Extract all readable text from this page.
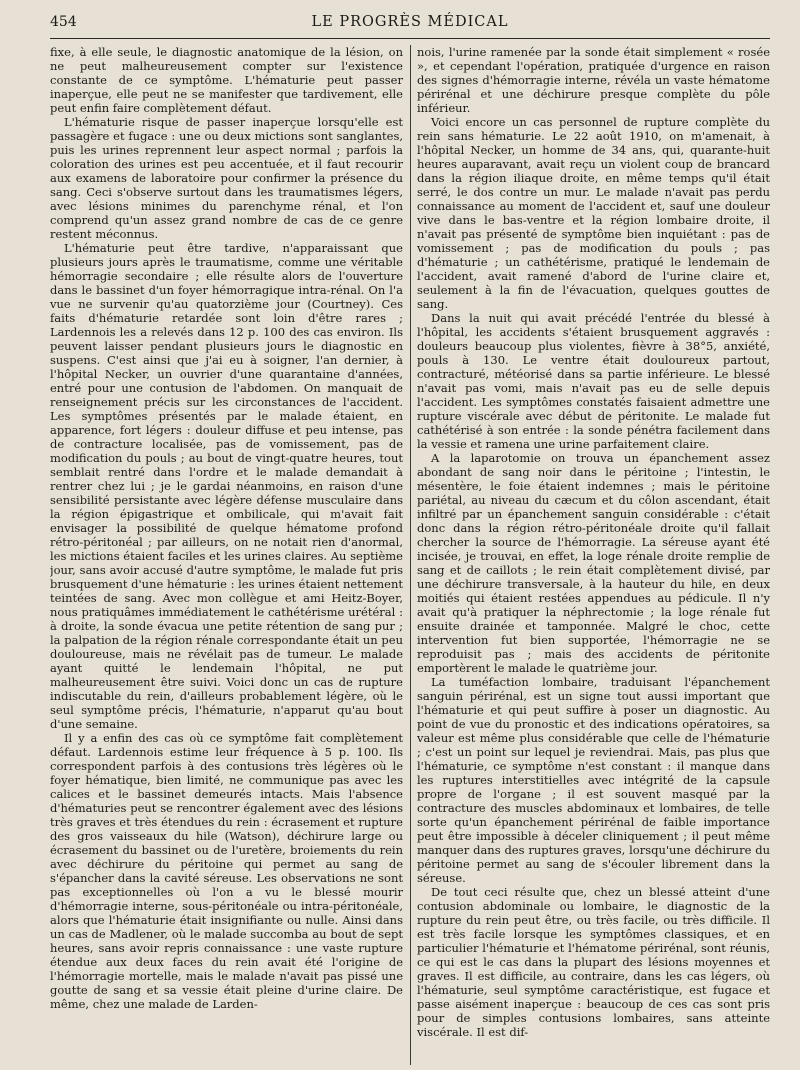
454	LE PROGRÈS MÉDICAL

fixe, à elle seule, le diagnostic anatomique de la lésion, on ne peut malheureusement compter sur l'existence constante de ce symptôme. L'hématurie peut passer inaperçue, elle peut ne se manifester que tardivement, elle peut enfin faire complètement défaut.

L'hématurie risque de passer inaperçue lorsqu'elle est passagère et fugace : une ou deux mictions sont sanglantes, puis les urines reprennent leur aspect normal ; parfois la coloration des urines est peu accentuée, et il faut recourir aux examens de laboratoire pour confirmer la présence du sang. Ceci s'observe surtout dans les traumatismes légers, avec lésions minimes du parenchyme rénal, et l'on comprend qu'un assez grand nombre de cas de ce genre restent méconnus.

L'hématurie peut être tardive, n'apparaissant que plusieurs jours après le traumatisme, comme une véritable hémorragie secondaire ; elle résulte alors de l'ouverture dans le bassinet d'un foyer hémorragique intra-rénal. On l'a vue ne survenir qu'au quatorzième jour (Courtney). Ces faits d'hématurie retardée sont loin d'être rares ; Lardennois les a relevés dans 12 p. 100 des cas environ. Ils peuvent laisser pendant plusieurs jours le diagnostic en suspens. C'est ainsi que j'ai eu à soigner, l'an dernier, à l'hôpital Necker, un ouvrier d'une quarantaine d'années, entré pour une contusion de l'abdomen. On manquait de renseignement précis sur les circonstances de l'accident. Les symptômes présentés par le malade étaient, en apparence, fort légers : douleur diffuse et peu intense, pas de contracture localisée, pas de vomissement, pas de modification du pouls ; au bout de vingt-quatre heures, tout semblait rentré dans l'ordre et le malade demandait à rentrer chez lui ; je le gardai néanmoins, en raison d'une sensibilité persistante avec légère défense musculaire dans la région épigastrique et ombilicale, qui m'avait fait envisager la possibilité de quelque hématome profond rétro-péritonéal ; par ailleurs, on ne notait rien d'anormal, les mictions étaient faciles et les urines claires. Au septième jour, sans avoir accusé d'autre symptôme, le malade fut pris brusquement d'une hématurie : les urines étaient nettement teintées de sang. Avec mon collègue et ami Heitz-Boyer, nous pratiquâmes immédiatement le cathétérisme urétéral : à droite, la sonde évacua une petite rétention de sang pur ; la palpation de la région rénale correspondante était un peu douloureuse, mais ne révélait pas de tumeur. Le malade ayant quitté le lendemain l'hôpital, ne put malheureusement être suivi. Voici donc un cas de rupture indiscutable du rein, d'ailleurs probablement légère, où le seul symptôme précis, l'hématurie, n'apparut qu'au bout d'une semaine.

Il y a enfin des cas où ce symptôme fait complètement défaut. Lardennois estime leur fréquence à 5 p. 100. Ils correspondent parfois à des contusions très légères où le foyer hématique, bien limité, ne communique pas avec les calices et le bassinet demeurés intacts. Mais l'absence d'hématuries peut se rencontrer également avec des lésions très graves et très étendues du rein : écrasement et rupture des gros vaisseaux du hile (Watson), déchirure large ou écrasement du bassinet ou de l'uretère, broiements du rein avec déchirure du péritoine qui permet au sang de s'épancher dans la cavité séreuse. Les observations ne sont pas exceptionnelles où l'on a vu le blessé mourir d'hémorragie interne, sous-péritonéale ou intra-péritonéale, alors que l'hématurie était insignifiante ou nulle. Ainsi dans un cas de Madlener, où le malade succomba au bout de sept heures, sans avoir repris connaissance : une vaste rupture étendue aux deux faces du rein avait été l'origine de l'hémorragie mortelle, mais le malade n'avait pas pissé une goutte de sang et sa vessie était pleine d'urine claire. De même, chez une malade de Larden-

nois, l'urine ramenée par la sonde était simplement « rosée », et cependant l'opération, pratiquée d'urgence en raison des signes d'hémorragie interne, révéla un vaste hématome périrénal et une déchirure presque complète du pôle inférieur.

Voici encore un cas personnel de rupture complète du rein sans hématurie. Le 22 août 1910, on m'amenait, à l'hôpital Necker, un homme de 34 ans, qui, quarante-huit heures auparavant, avait reçu un violent coup de brancard dans la région iliaque droite, en même temps qu'il était serré, le dos contre un mur. Le malade n'avait pas perdu connaissance au moment de l'accident et, sauf une douleur vive dans le bas-ventre et la région lombaire droite, il n'avait pas présenté de symptôme bien inquiétant : pas de vomissement ; pas de modification du pouls ; pas d'hématurie ; un cathétérisme, pratiqué le lendemain de l'accident, avait ramené d'abord de l'urine claire et, seulement à la fin de l'évacuation, quelques gouttes de sang.

Dans la nuit qui avait précédé l'entrée du blessé à l'hôpital, les accidents s'étaient brusquement aggravés : douleurs beaucoup plus violentes, fièvre à 38°5, anxiété, pouls à 130. Le ventre était douloureux partout, contracturé, météorisé dans sa partie inférieure. Le blessé n'avait pas vomi, mais n'avait pas eu de selle depuis l'accident. Les symptômes constatés faisaient admettre une rupture viscérale avec début de péritonite. Le malade fut cathétérisé à son entrée : la sonde pénétra facilement dans la vessie et ramena une urine parfaitement claire.

A la laparotomie on trouva un épanchement assez abondant de sang noir dans le péritoine ; l'intestin, le mésentère, le foie étaient indemnes ; mais le péritoine pariétal, au niveau du cæcum et du côlon ascendant, était infiltré par un épanchement sanguin considérable : c'était donc dans la région rétro-péritonéale droite qu'il fallait chercher la source de l'hémorragie. La séreuse ayant été incisée, je trouvai, en effet, la loge rénale droite remplie de sang et de caillots ; le rein était complètement divisé, par une déchirure transversale, à la hauteur du hile, en deux moitiés qui étaient restées appendues au pédicule. Il n'y avait qu'à pratiquer la néphrectomie ; la loge rénale fut ensuite drainée et tamponnée. Malgré le choc, cette intervention fut bien supportée, l'hémorragie ne se reproduisit pas ; mais des accidents de péritonite emportèrent le malade le quatrième jour.

La tuméfaction lombaire, traduisant l'épanchement sanguin périrénal, est un signe tout aussi important que l'hématurie et qui peut suffire à poser un diagnostic. Au point de vue du pronostic et des indications opératoires, sa valeur est même plus considérable que celle de l'hématurie ; c'est un point sur lequel je reviendrai. Mais, pas plus que l'hématurie, ce symptôme n'est constant : il manque dans les ruptures interstitielles avec intégrité de la capsule propre de l'organe ; il est souvent masqué par la contracture des muscles abdominaux et lombaires, de telle sorte qu'un épanchement périrénal de faible importance peut être impossible à déceler cliniquement ; il peut même manquer dans des ruptures graves, lorsqu'une déchirure du péritoine permet au sang de s'écouler librement dans la séreuse.

De tout ceci résulte que, chez un blessé atteint d'une contusion abdominale ou lombaire, le diagnostic de la rupture du rein peut être, ou très facile, ou très difficile. Il est très facile lorsque les symptômes classiques, et en particulier l'hématurie et l'hématome périrénal, sont réunis, ce qui est le cas dans la plupart des lésions moyennes et graves. Il est difficile, au contraire, dans les cas légers, où l'hématurie, seul symptôme caractéristique, est fugace et passe aisément inaperçue : beaucoup de ces cas sont pris pour de simples contusions lombaires, sans atteinte viscérale. Il est dif-
